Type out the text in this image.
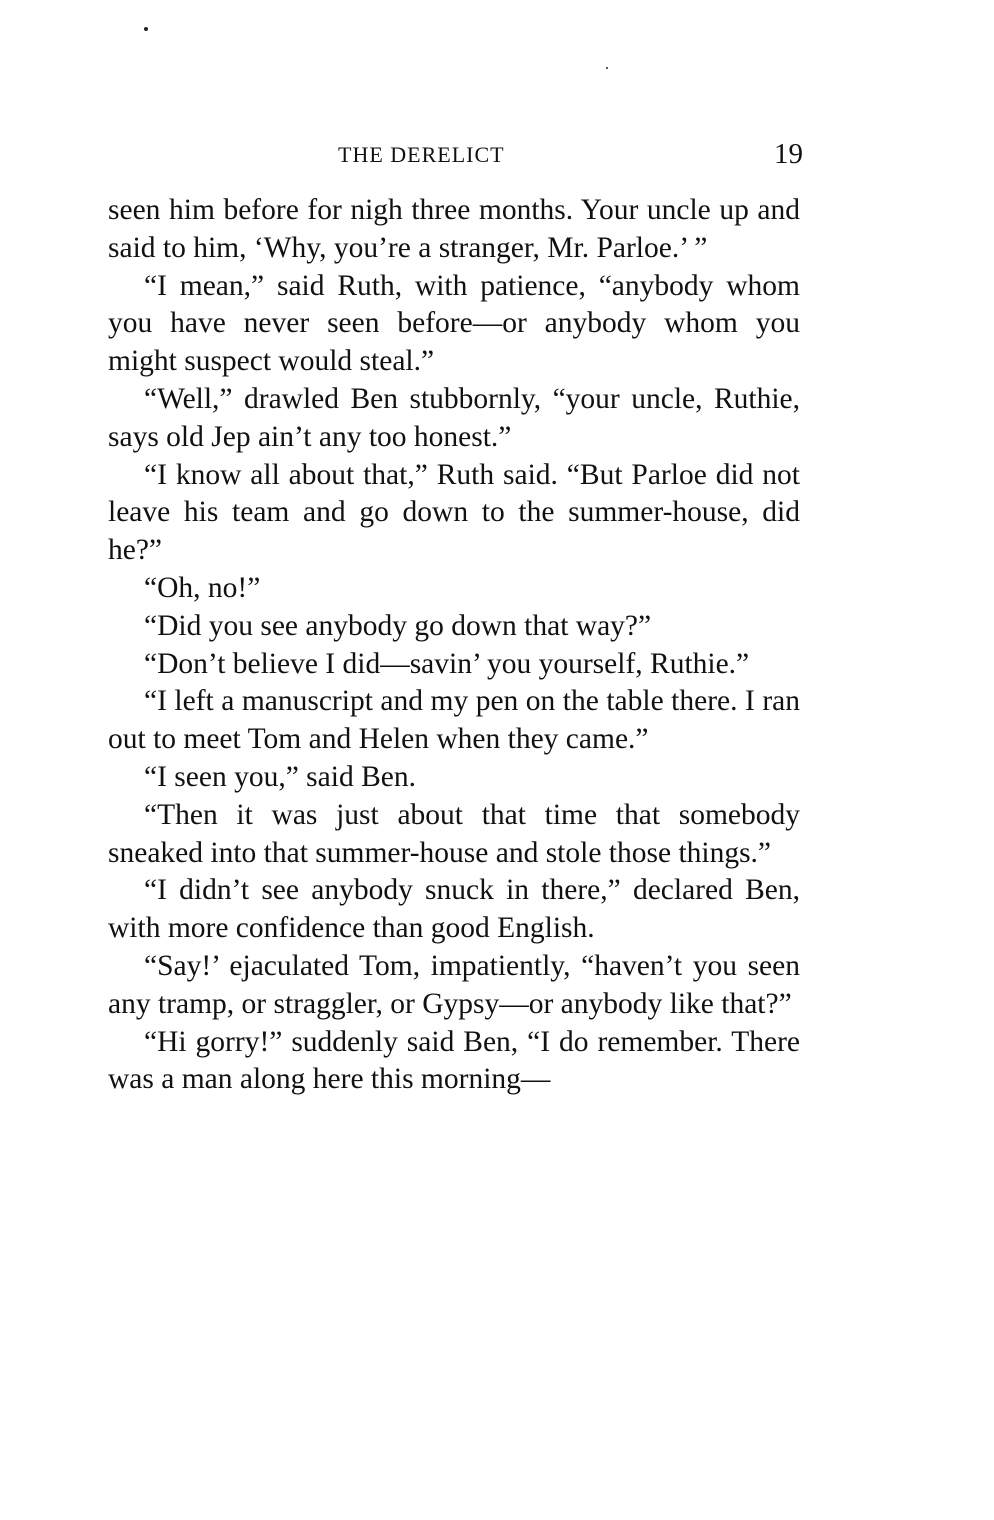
THE DERELICT	19

seen him before for nigh three months. Your uncle up and said to him, ‘Why, you’re a stranger, Mr. Parloe.’ ”

“I mean,” said Ruth, with patience, “anybody whom you have never seen before—or anybody whom you might suspect would steal.”

“Well,” drawled Ben stubbornly, “your uncle, Ruthie, says old Jep ain’t any too honest.”

“I know all about that,” Ruth said. “But Parloe did not leave his team and go down to the summer-house, did he?”

“Oh, no!”

“Did you see anybody go down that way?”

“Don’t believe I did—savin’ you yourself, Ruthie.”

“I left a manuscript and my pen on the table there. I ran out to meet Tom and Helen when they came.”

“I seen you,” said Ben.

“Then it was just about that time that somebody sneaked into that summer-house and stole those things.”

“I didn’t see anybody snuck in there,” declared Ben, with more confidence than good English.

“Say!’ ejaculated Tom, impatiently, “haven’t you seen any tramp, or straggler, or Gypsy—or anybody like that?”

“Hi gorry!” suddenly said Ben, “I do remember. There was a man along here this morning—
